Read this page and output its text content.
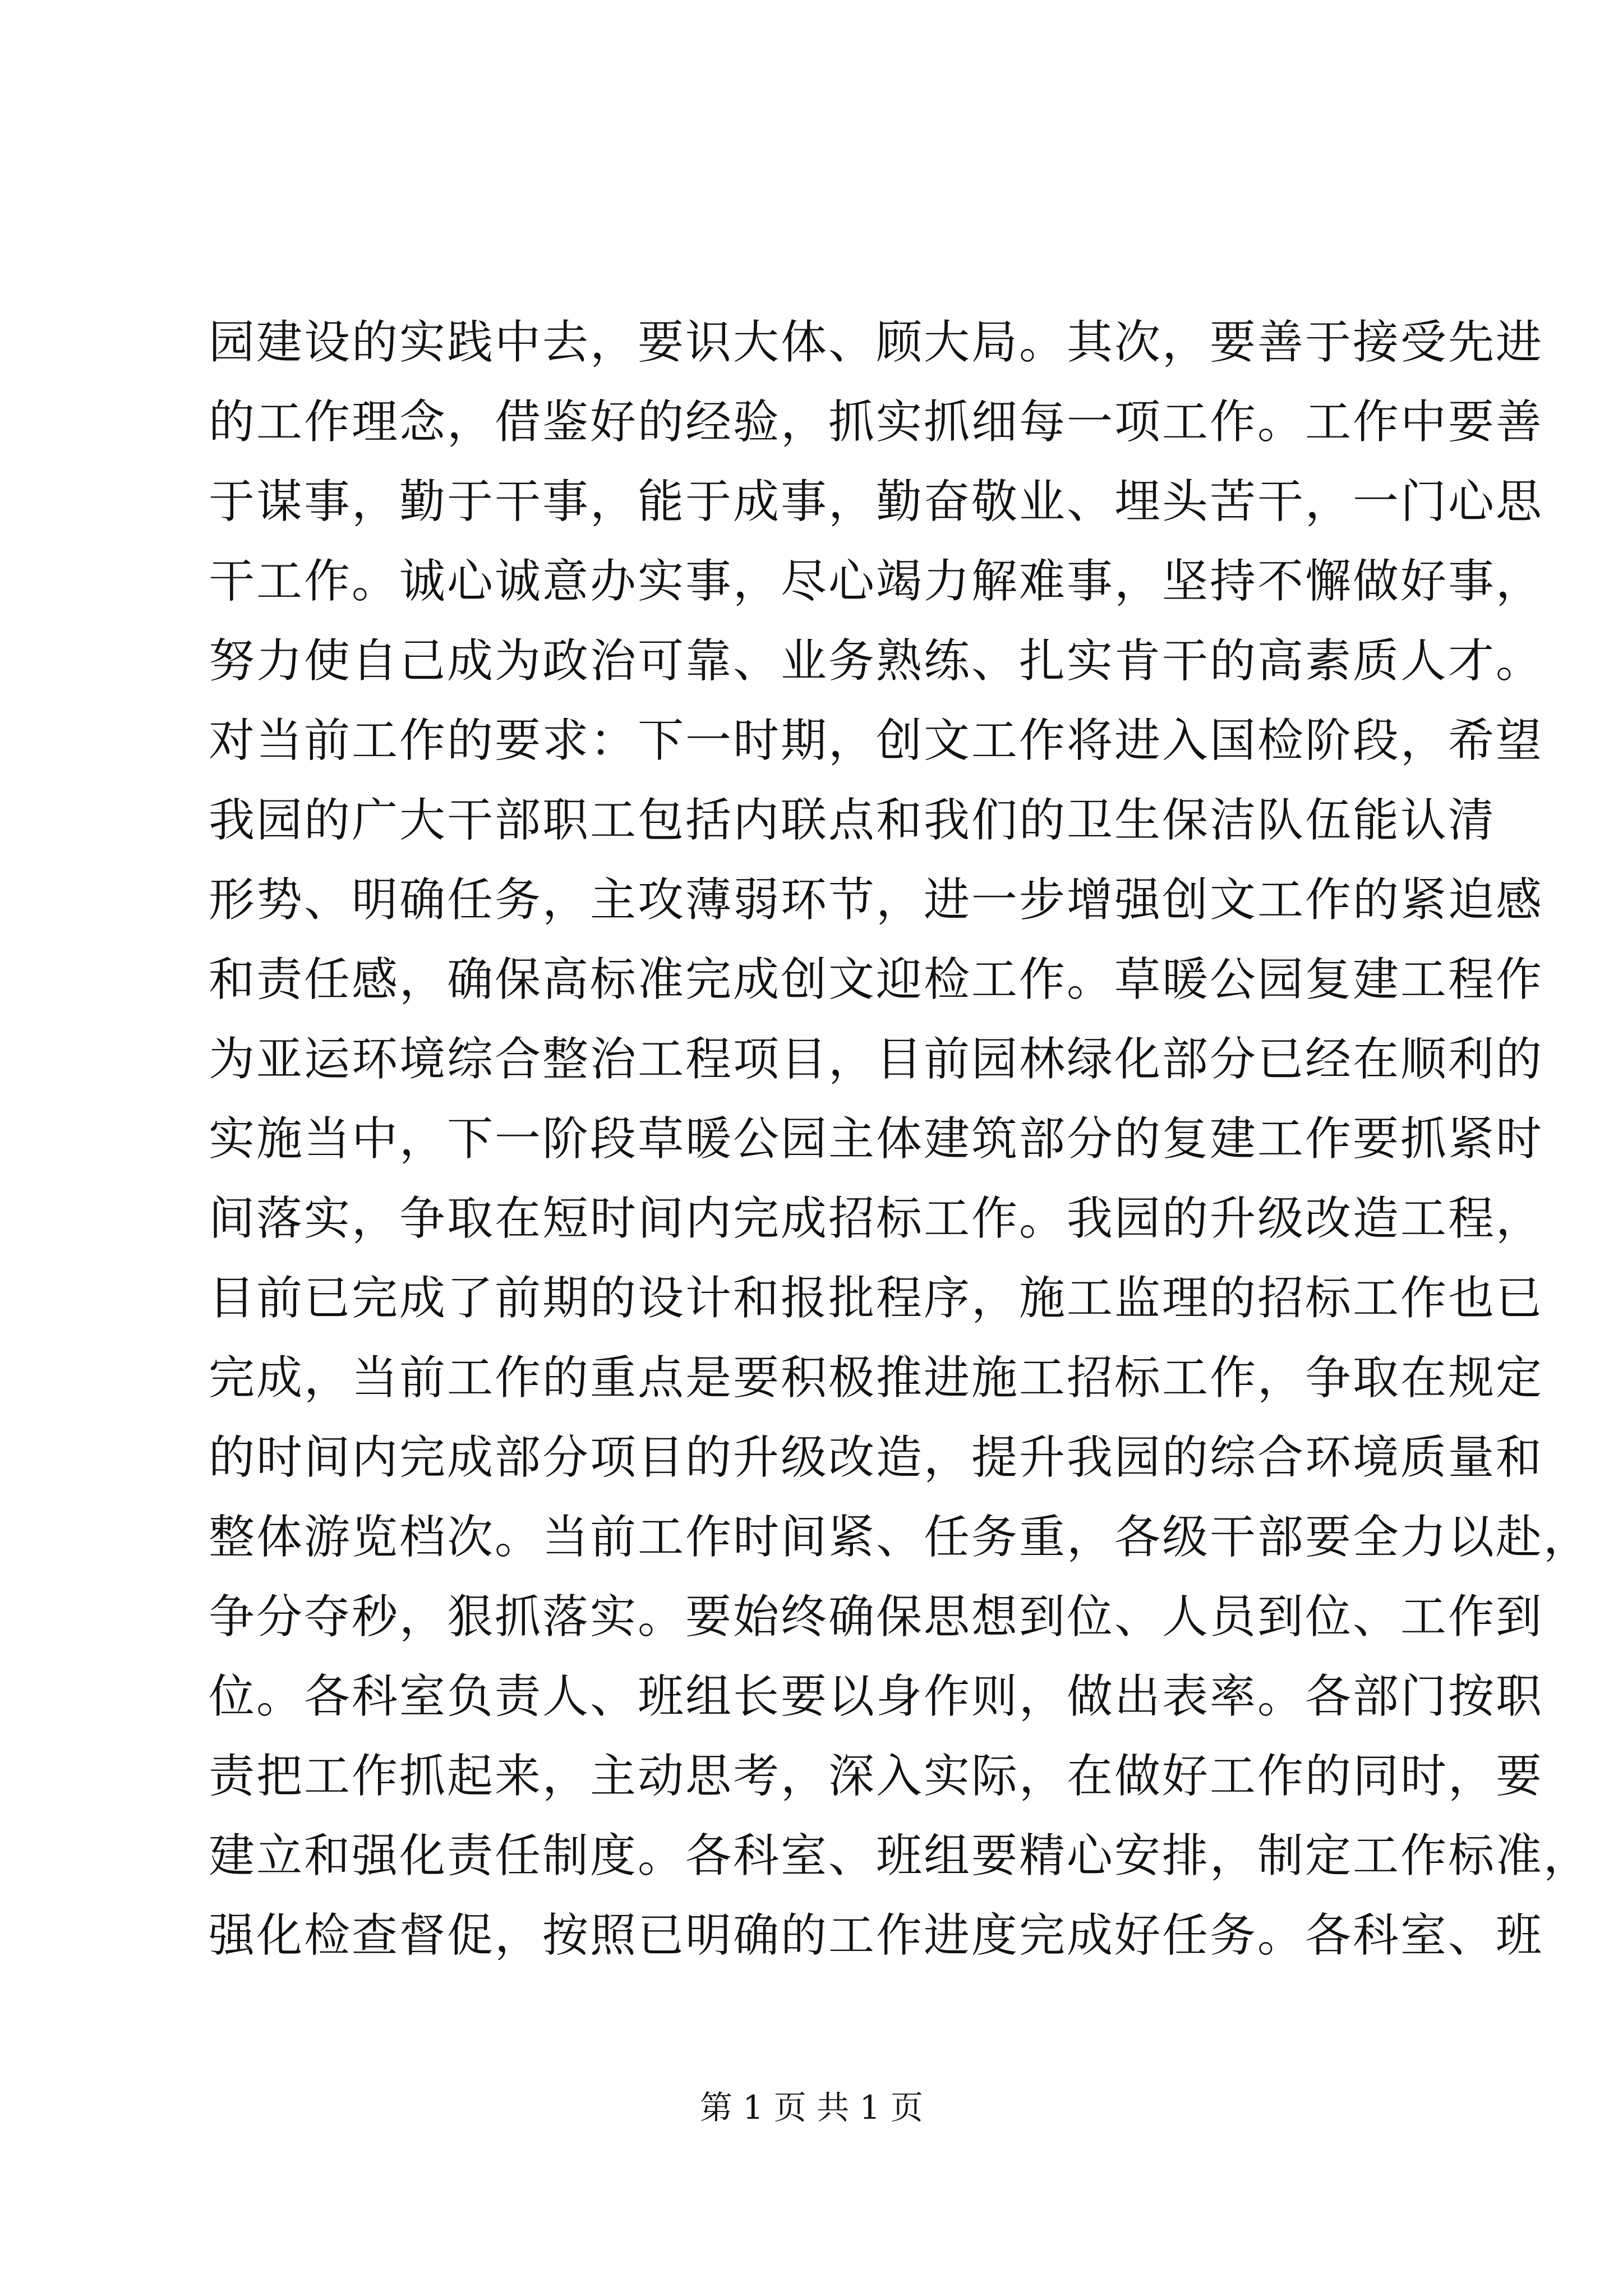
园建设的实践中去，要识大体、顾大局。其次，要善于接受先进
的工作理念，借鉴好的经验，抓实抓细每一项工作。工作中要善
于谋事，勤于干事，能于成事，勤奋敬业、埋头苦干，一门心思
干工作。诚心诚意办实事，尽心竭力解难事，坚持不懈做好事，
努力使自己成为政治可靠、业务熟练、扎实肯干的高素质人才。
对当前工作的要求：下一时期，创文工作将进入国检阶段，希望
我园的广大干部职工包括内联点和我们的卫生保洁队伍能认清
形势、明确任务，主攻薄弱环节，进一步增强创文工作的紧迫感
和责任感，确保高标准完成创文迎检工作。草暖公园复建工程作
为亚运环境综合整治工程项目，目前园林绿化部分已经在顺利的
实施当中，下一阶段草暖公园主体建筑部分的复建工作要抓紧时
间落实，争取在短时间内完成招标工作。我园的升级改造工程，
目前已完成了前期的设计和报批程序，施工监理的招标工作也已
完成，当前工作的重点是要积极推进施工招标工作，争取在规定
的时间内完成部分项目的升级改造，提升我园的综合环境质量和
整体游览档次。当前工作时间紧、任务重，各级干部要全力以赴，
争分夺秒，狠抓落实。要始终确保思想到位、人员到位、工作到
位。各科室负责人、班组长要以身作则，做出表率。各部门按职
责把工作抓起来，主动思考，深入实际，在做好工作的同时，要
建立和强化责任制度。各科室、班组要精心安排，制定工作标准，
强化检查督促，按照已明确的工作进度完成好任务。各科室、班
第 1 页 共 1 页
